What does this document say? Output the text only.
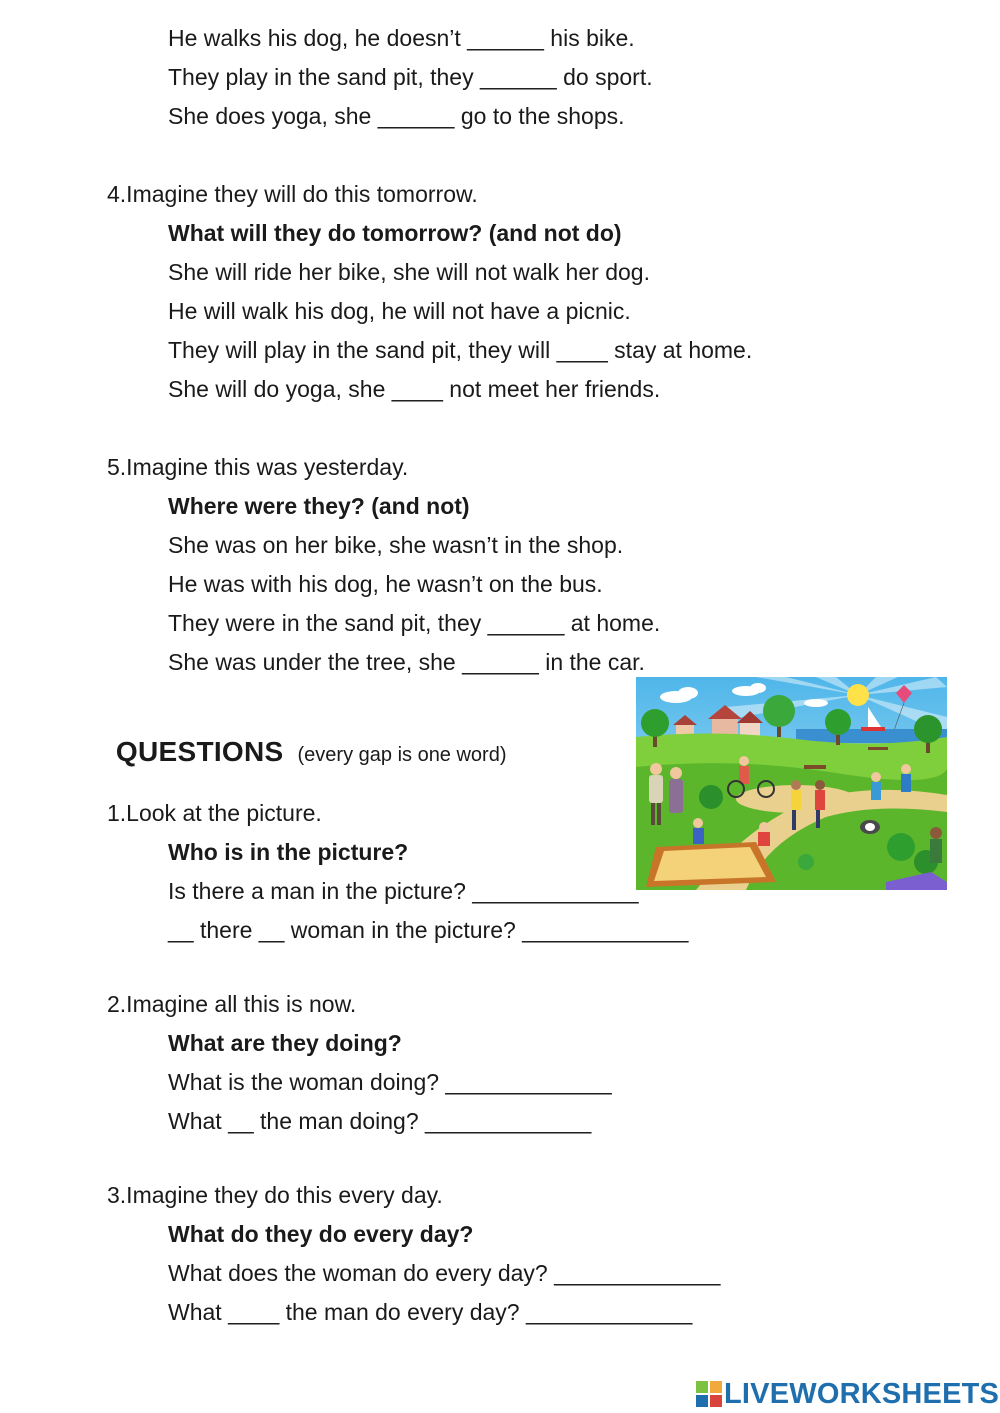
He walks his dog, he doesn’t ______ his bike.
They play in the sand pit, they ______ do sport.
She does yoga, she ______ go to the shops.
4.Imagine they will do this tomorrow.
What will they do tomorrow? (and not do)
She will ride her bike, she will not walk her dog.
He will walk his dog, he will not have a picnic.
They will play in the sand pit, they will ____ stay at home.
She will do yoga, she ____ not meet her friends.
5.Imagine this was yesterday.
Where were they? (and not)
She was on her bike, she wasn’t in the shop.
He was with his dog, he wasn’t on the bus.
They were in the sand pit, they ______ at home.
She was under the tree, she ______ in the car.

QUESTIONS (every gap is one word)

1.Look at the picture.
Who is in the picture?
Is there a man in the picture? _____________
__ there __ woman in the picture? _____________
2.Imagine all this is now.
What are they doing?
What is the woman doing? _____________
What __ the man doing? _____________
3.Imagine they do this every day.
What do they do every day?
What does the woman do every day? _____________
What ____ the man do every day? _____________
LIVEWORKSHEETS
